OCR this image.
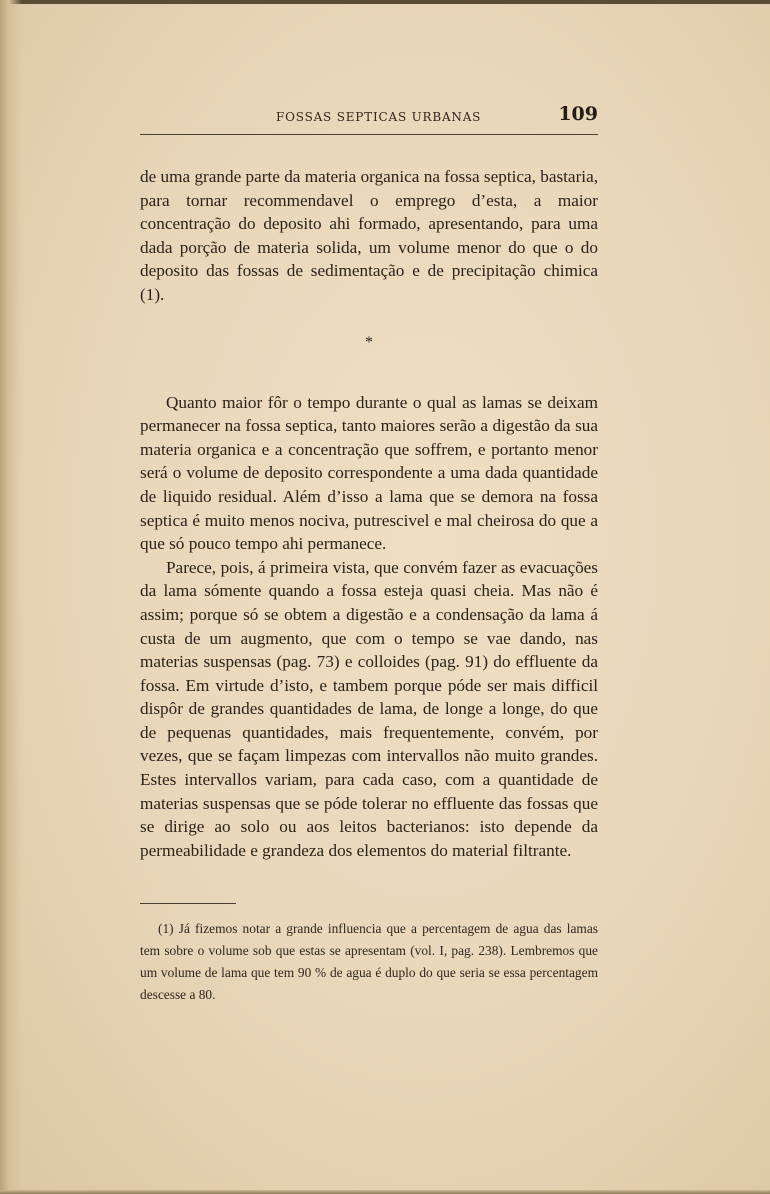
FOSSAS SEPTICAS URBANAS	109

de uma grande parte da materia organica na fossa septica, bastaria, para tornar recommendavel o emprego d’esta, a maior concentração do deposito ahi formado, apresentando, para uma dada porção de materia solida, um volume menor do que o do deposito das fossas de sedimentação e de precipitação chimica (1).

*

Quanto maior fôr o tempo durante o qual as lamas se deixam permanecer na fossa septica, tanto maiores serão a digestão da sua materia organica e a concentração que soffrem, e portanto menor será o volume de deposito correspondente a uma dada quantidade de liquido residual. Além d’isso a lama que se demora na fossa septica é muito menos nociva, putrescivel e mal cheirosa do que a que só pouco tempo ahi permanece.

Parece, pois, á primeira vista, que convém fazer as evacuações da lama sómente quando a fossa esteja quasi cheia. Mas não é assim; porque só se obtem a digestão e a condensação da lama á custa de um augmento, que com o tempo se vae dando, nas materias suspensas (pag. 73) e colloides (pag. 91) do effluente da fossa. Em virtude d’isto, e tambem porque póde ser mais difficil dispôr de grandes quantidades de lama, de longe a longe, do que de pequenas quantidades, mais frequentemente, convém, por vezes, que se façam limpezas com intervallos não muito grandes. Estes intervallos variam, para cada caso, com a quantidade de materias suspensas que se póde tolerar no effluente das fossas que se dirige ao solo ou aos leitos bacterianos: isto depende da permeabilidade e grandeza dos elementos do material filtrante.

(1) Já fizemos notar a grande influencia que a percentagem de agua das lamas tem sobre o volume sob que estas se apresentam (vol. I, pag. 238). Lembremos que um volume de lama que tem 90 % de agua é duplo do que seria se essa percentagem descesse a 80.
